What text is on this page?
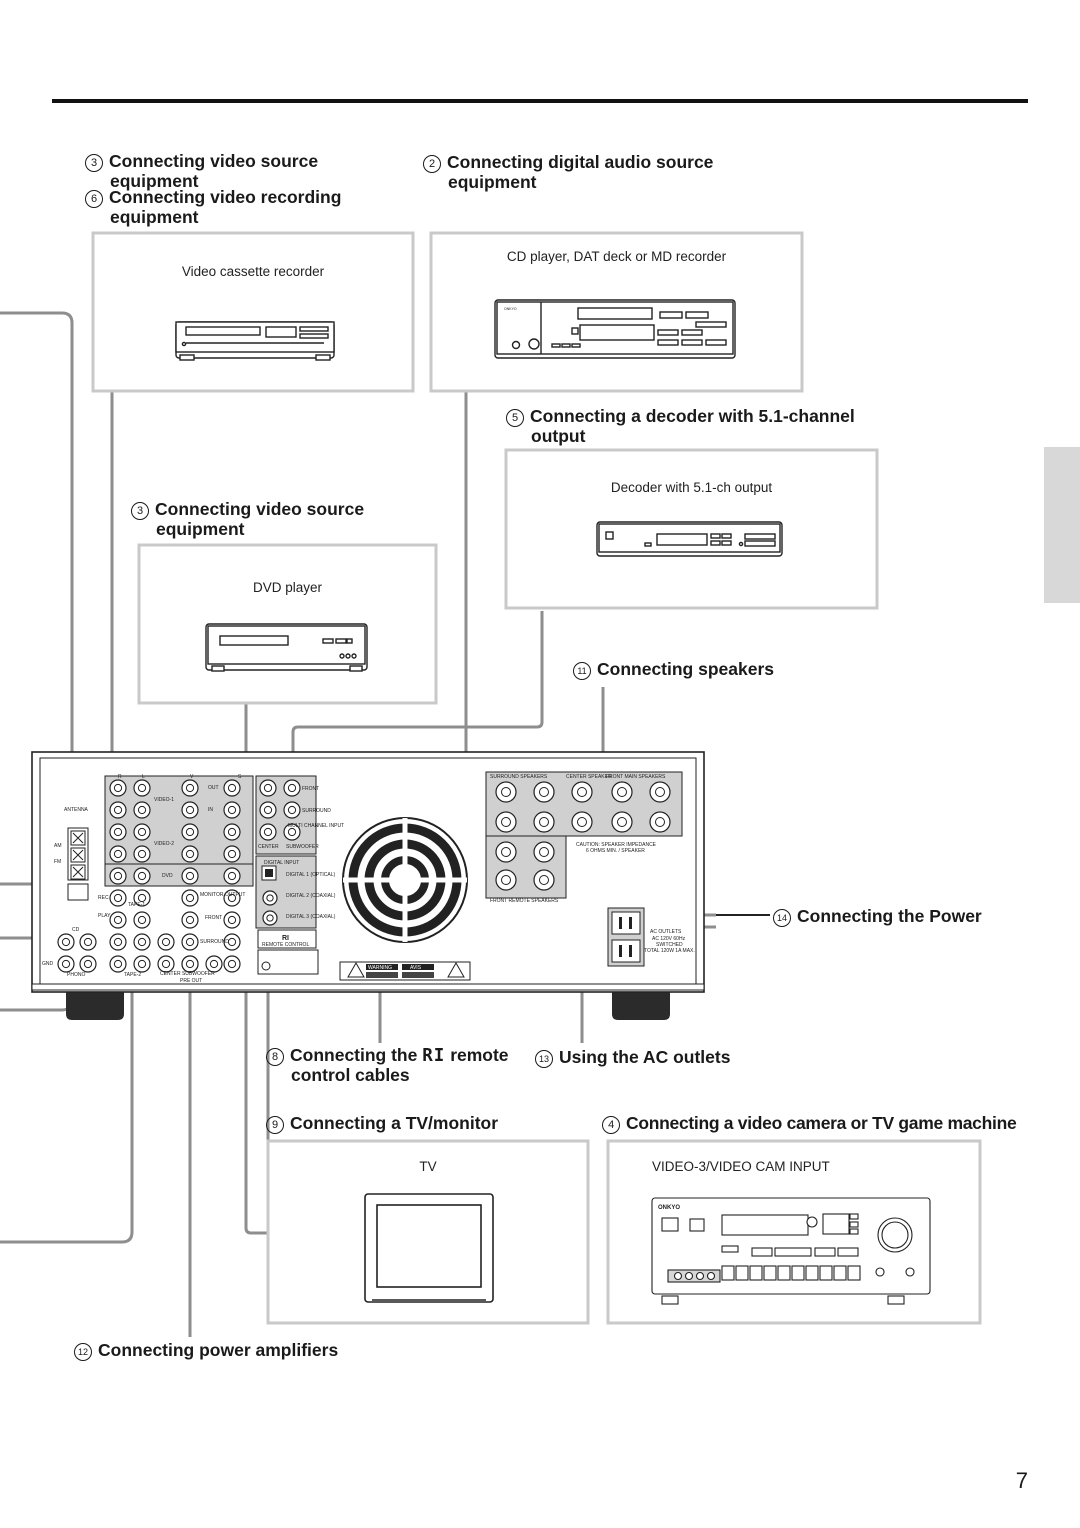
ONKYO
ONKYO
ANTENNA
AM
FM
GND
PHONO
CD
VIDEO-1
VIDEO-2
DVD
TAPE-1
TAPE-2
MONITOR OUTPUT
OUT
IN
REC
PLAY	FRONT
SURROUND
CENTER SUBWOOFER
PRE OUT
FRONT
SURROUND
MULTI CHANNEL INPUT
CENTER SUBWOOFER
DIGITAL INPUT
DIGITAL 1 (OPTICAL)
DIGITAL 2 (COAXIAL)
DIGITAL 3 (COAXIAL)
RI
REMOTE CONTROL
SURROUND SPEAKERS	CENTER SPEAKER
FRONT MAIN SPEAKERS
FRONT REMOTE SPEAKERS
CAUTION: SPEAKER IMPEDANCE
6 OHMS MIN. / SPEAKER
AC OUTLETS
AC 120V 60Hz
SWITCHED
TOTAL 120W 1A MAX.
WARNING	AVIS
R	L	V	S
3 Connecting video source
equipment
6 Connecting video recording
equipment
2 Connecting digital audio source
equipment
5 Connecting a decoder with 5.1-channel
output
3 Connecting video source
equipment
11 Connecting speakers
14 Connecting the Power
8 Connecting the RI remote
control cables
13 Using the AC outlets
9 Connecting a TV/monitor	4 Connecting a video camera or TV game machine
12 Connecting power amplifiers
Video cassette recorder
CD player, DAT deck or MD recorder
Decoder with 5.1-ch output
DVD player
TV	VIDEO-3/VIDEO CAM INPUT
7
